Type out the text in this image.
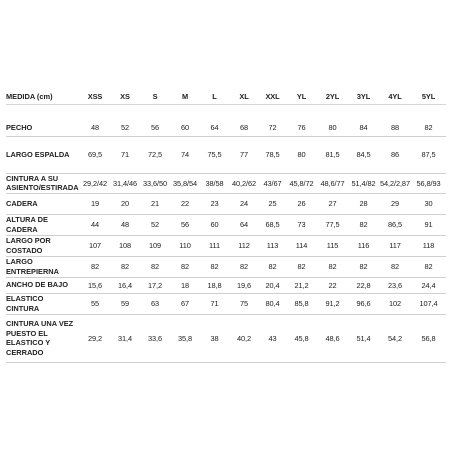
MEDIDA (cm)	XSS	XS	S	M	L	XL	XXL	YL	2YL	3YL	4YL	5YL

PECHO	48	52	56	60	64	68	72	76	80	84	88	82
LARGO ESPALDA	69,5	71	72,5	74	75,5	77	78,5	80	81,5	84,5	86	87,5
CINTURA A SU ASIENTO/ESTIRADA	29,2/42	31,4/46	33,6/50	35,8/54	38/58	40,2/62	43/67	45,8/72	48,6/77	51,4/82	54,2/2,87	56,8/93
CADERA	19	20	21	22	23	24	25	26	27	28	29	30
ALTURA DE CADERA	44	48	52	56	60	64	68,5	73	77,5	82	86,5	91
LARGO POR COSTADO	107	108	109	110	111	112	113	114	115	116	117	118
LARGO ENTREPIERNA	82	82	82	82	82	82	82	82	82	82	82	82
ANCHO DE BAJO	15,6	16,4	17,2	18	18,8	19,6	20,4	21,2	22	22,8	23,6	24,4
ELASTICO CINTURA	55	59	63	67	71	75	80,4	85,8	91,2	96,6	102	107,4
CINTURA UNA VEZ PUESTO EL ELASTICO Y CERRADO	29,2	31,4	33,6	35,8	38	40,2	43	45,8	48,6	51,4	54,2	56,8
